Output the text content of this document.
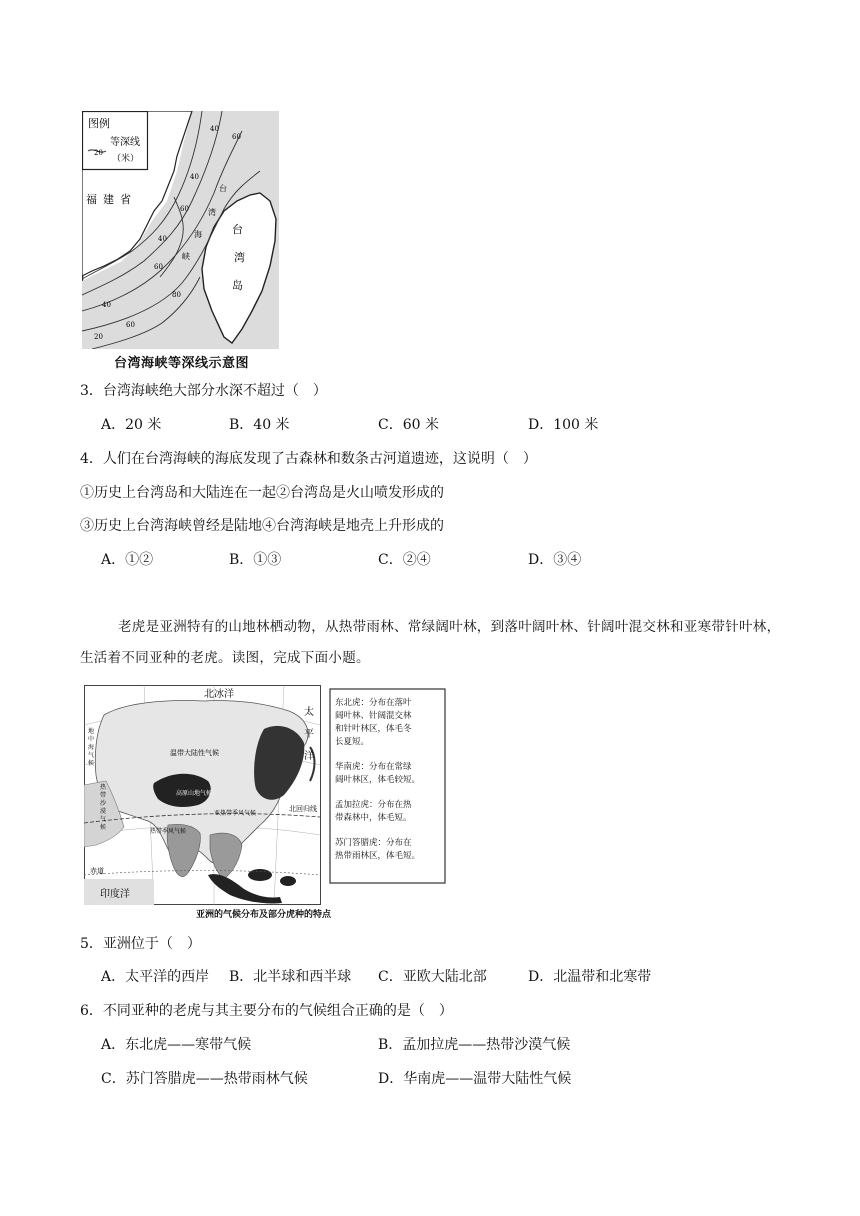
图例
20
等深线
（米）
福建省
台
湾
岛
台
湾
海
峡
40
60
40
60
40
60
80
40
60
20
台湾海峡等深线示意图
3．台湾海峡绝大部分水深不超过（　）
A．20 米	B．40 米	C．60 米	D．100 米
4．人们在台湾海峡的海底发现了古森林和数条古河道遗迹，这说明（　）
①历史上台湾岛和大陆连在一起②台湾岛是火山喷发形成的
③历史上台湾海峡曾经是陆地④台湾海峡是地壳上升形成的
A．①②	B．①③	C．②④	D．③④
老虎是亚洲特有的山地林栖动物，从热带雨林、常绿阔叶林，到落叶阔叶林、针阔叶混交林和亚寒带针叶林，生活着不同亚种的老虎。读图，完成下面小题。
北冰洋
太
平
洋
温带大陆性气候
高原山地气候
北回归线
亚热带季风气候
热带季风气候
赤道
地
中
海
气
候
热
带
沙
漠
气
候
印度洋
东北虎：分布在落叶
阔叶林、针阔混交林
和针叶林区，体毛冬
长夏短。
华南虎：分布在常绿
阔叶林区，体毛较短。
孟加拉虎：分布在热
带森林中，体毛短。
苏门答腊虎：分布在
热带雨林区，体毛短。
亚洲的气候分布及部分虎种的特点
5．亚洲位于（　）
A．太平洋的西岸 B．北半球和西半球 C．亚欧大陆北部	D．北温带和北寒带
6．不同亚种的老虎与其主要分布的气候组合正确的是（　）
A．东北虎——寒带气候	B．孟加拉虎——热带沙漠气候
C．苏门答腊虎——热带雨林气候	D．华南虎——温带大陆性气候
